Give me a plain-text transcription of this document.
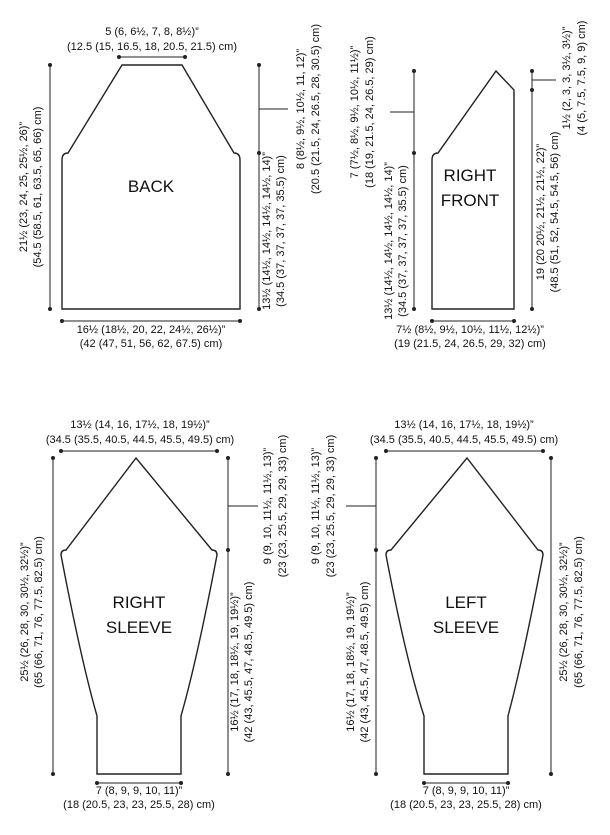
BACK
5 (6, 6½, 7, 8, 8½)”
(12.5 (15, 16.5, 18, 20.5, 21.5) cm)
21½ (23, 24, 25, 25½, 26)” (54.5 (58.5, 61, 63.5, 65, 66) cm)	8 (8½, 9½, 10½, 11, 12)” (20.5 (21.5, 24, 26.5, 28, 30.5) cm)
13½ (14½, 14½, 14½, 14½, 14)” (34.5 (37, 37, 37, 37, 35.5) cm)
16½ (18½, 20, 22, 24½, 26½)”
(42 (47, 51, 56, 62, 67.5) cm)
RIGHT
FRONT
7 (7½, 8½, 9½, 10½, 11½)” (18 (19, 21.5, 24, 26.5, 29) cm)
13½ (14½, 14½, 14½, 14½, 14)” (34.5 (37, 37, 37, 37, 35.5) cm)
1½ (2, 3, 3, 3½, 3½)” (4 (5, 7.5, 7.5, 9, 9) cm)
19 (20 20½, 21½, 21½, 22)” (48.5 (51, 52, 54.5, 54.5, 56) cm)
7½ (8½, 9½, 10½, 11½, 12½)”
(19 (21.5, 24, 26.5, 29, 32) cm)
RIGHT
SLEEVE
13½ (14, 16, 17½, 18, 19½)”
(34.5 (35.5, 40.5, 44.5, 45.5, 49.5) cm)
25½ (26, 28, 30, 30½, 32½)” (65 (66, 71, 76, 77.5, 82.5) cm)
9 (9, 10, 11½, 11½, 13)” (23 (23, 25.5, 29, 29, 33) cm)
16½ (17, 18, 18½, 19, 19½)” (42 (43, 45.5, 47, 48.5, 49.5) cm)
7 (8, 9, 9, 10, 11)”
(18 (20.5, 23, 23, 25.5, 28) cm)
LEFT
SLEEVE
13½ (14, 16, 17½, 18, 19½)”
(34.5 (35.5, 40.5, 44.5, 45.5, 49.5) cm)
9 (9, 10, 11½, 11½, 13)” (23 (23, 25.5, 29, 29, 33) cm)
16½ (17, 18, 18½, 19, 19½)” (42 (43, 45.5, 47, 48.5, 49.5) cm)	25½ (26, 28, 30, 30½, 32½)” (65 (66, 71, 76, 77.5, 82.5) cm)
7 (8, 9, 9, 10, 11)”
(18 (20.5, 23, 23, 25.5, 28) cm)
